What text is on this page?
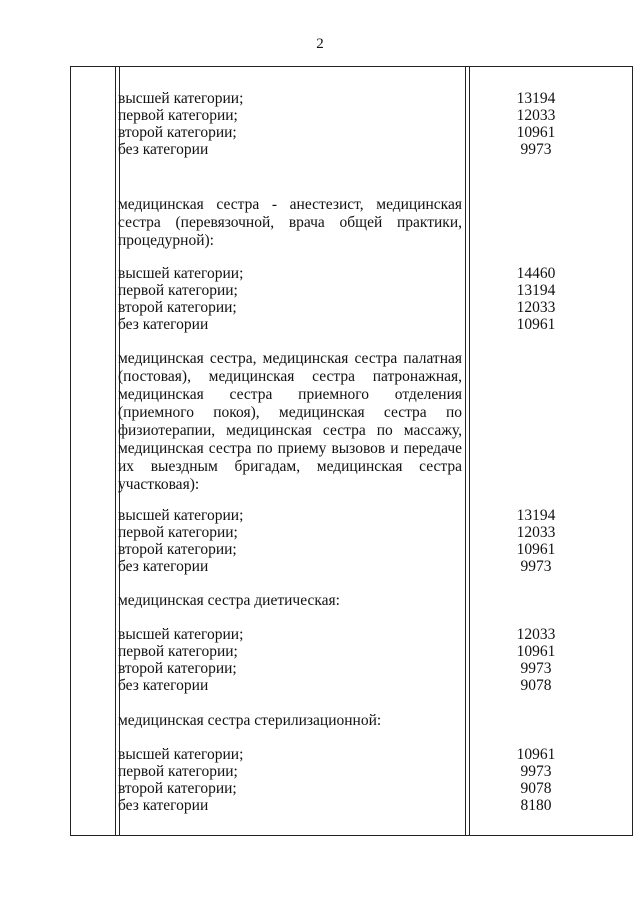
2
высшей категории;	13194
первой категории;	12033
второй категории;	10961
без категории	9973
медицинская сестра - анестезист, медицинская
сестра (перевязочной, врача общей практики,
процедурной):
высшей категории;	14460
первой категории;	13194
второй категории;	12033
без категории	10961
медицинская сестра, медицинская сестра палатная
(постовая), медицинская сестра патронажная,
медицинская сестра приемного отделения
(приемного покоя), медицинская сестра по
физиотерапии, медицинская сестра по массажу,
медицинская сестра по приему вызовов и передаче
их выездным бригадам, медицинская сестра
участковая):
высшей категории;	13194
первой категории;	12033
второй категории;	10961
без категории	9973
медицинская сестра диетическая:
высшей категории;	12033
первой категории;	10961
второй категории;	9973
без категории	9078
медицинская сестра стерилизационной:
высшей категории;	10961
первой категории;	9973
второй категории;	9078
без категории	8180
